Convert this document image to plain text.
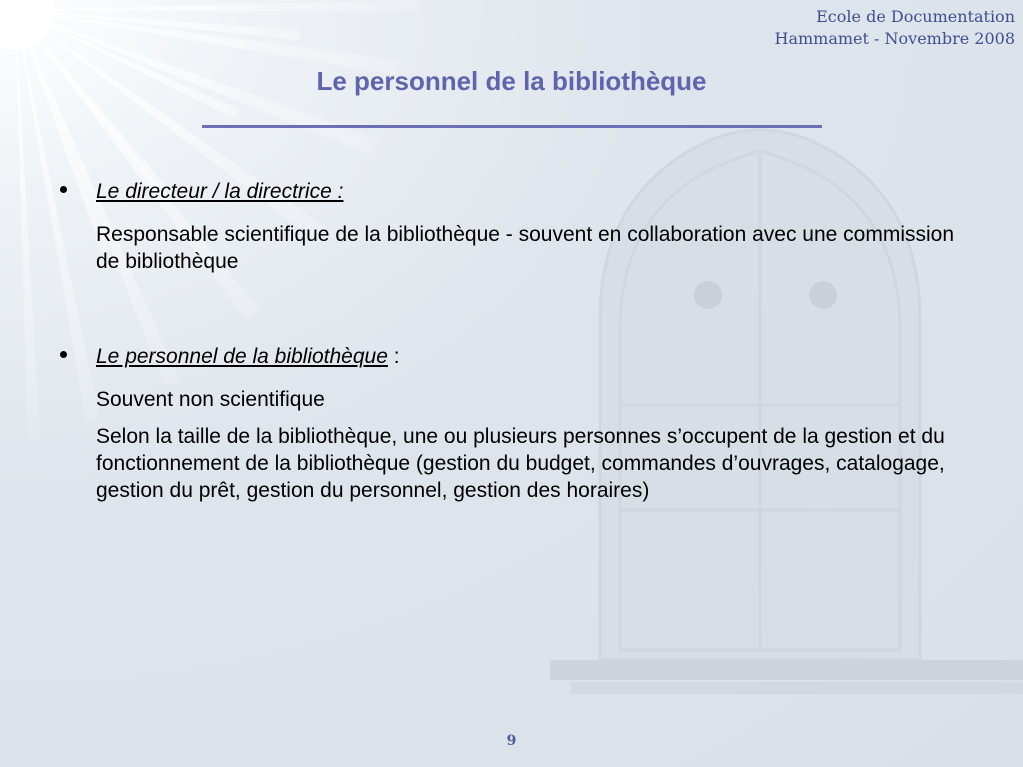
Ecole de Documentation
Hammamet - Novembre 2008
Le personnel de la bibliothèque
Le directeur / la directrice :
Responsable scientifique de la bibliothèque - souvent en collaboration avec une commission de bibliothèque
Le personnel de la bibliothèque :
Souvent non scientifique
Selon la taille de la bibliothèque, une ou plusieurs personnes s’occupent de la gestion et du fonctionnement de la bibliothèque (gestion du budget, commandes d’ouvrages, catalogage, gestion du prêt, gestion du personnel, gestion des horaires)
9
